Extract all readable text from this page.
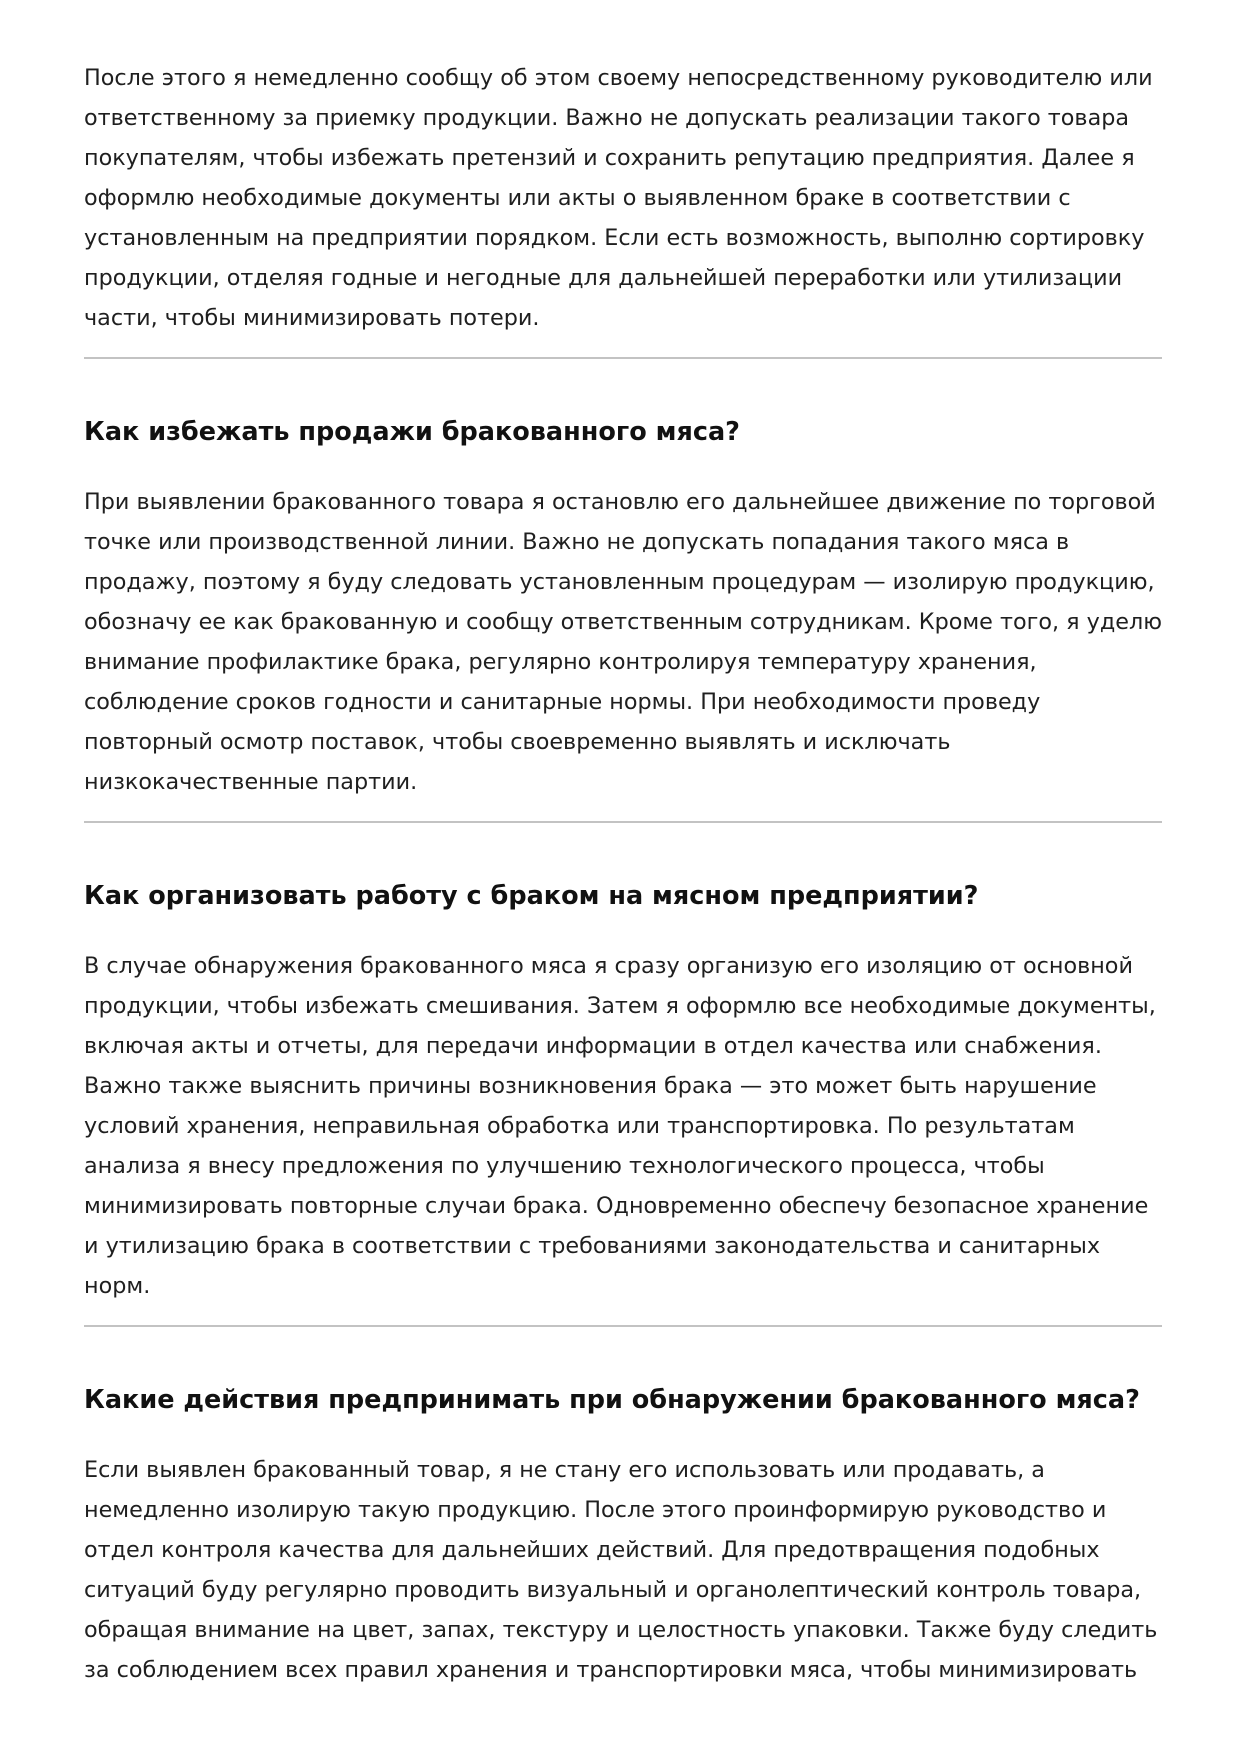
После этого я немедленно сообщу об этом своему непосредственному руководителю или ответственному за приемку продукции. Важно не допускать реализации такого товара покупателям, чтобы избежать претензий и сохранить репутацию предприятия. Далее я оформлю необходимые документы или акты о выявленном браке в соответствии с установленным на предприятии порядком. Если есть возможность, выполню сортировку продукции, отделяя годные и негодные для дальнейшей переработки или утилизации части, чтобы минимизировать потери.

Как избежать продажи бракованного мяса?

При выявлении бракованного товара я остановлю его дальнейшее движение по торговой точке или производственной линии. Важно не допускать попадания такого мяса в продажу, поэтому я буду следовать установленным процедурам — изолирую продукцию, обозначу ее как бракованную и сообщу ответственным сотрудникам. Кроме того, я уделю внимание профилактике брака, регулярно контролируя температуру хранения, соблюдение сроков годности и санитарные нормы. При необходимости проведу повторный осмотр поставок, чтобы своевременно выявлять и исключать низкокачественные партии.

Как организовать работу с браком на мясном предприятии?

В случае обнаружения бракованного мяса я сразу организую его изоляцию от основной продукции, чтобы избежать смешивания. Затем я оформлю все необходимые документы, включая акты и отчеты, для передачи информации в отдел качества или снабжения. Важно также выяснить причины возникновения брака — это может быть нарушение условий хранения, неправильная обработка или транспортировка. По результатам анализа я внесу предложения по улучшению технологического процесса, чтобы минимизировать повторные случаи брака. Одновременно обеспечу безопасное хранение и утилизацию брака в соответствии с требованиями законодательства и санитарных норм.

Какие действия предпринимать при обнаружении бракованного мяса?

Если выявлен бракованный товар, я не стану его использовать или продавать, а немедленно изолирую такую продукцию. После этого проинформирую руководство и отдел контроля качества для дальнейших действий. Для предотвращения подобных ситуаций буду регулярно проводить визуальный и органолептический контроль товара, обращая внимание на цвет, запах, текстуру и целостность упаковки. Также буду следить за соблюдением всех правил хранения и транспортировки мяса, чтобы минимизировать
